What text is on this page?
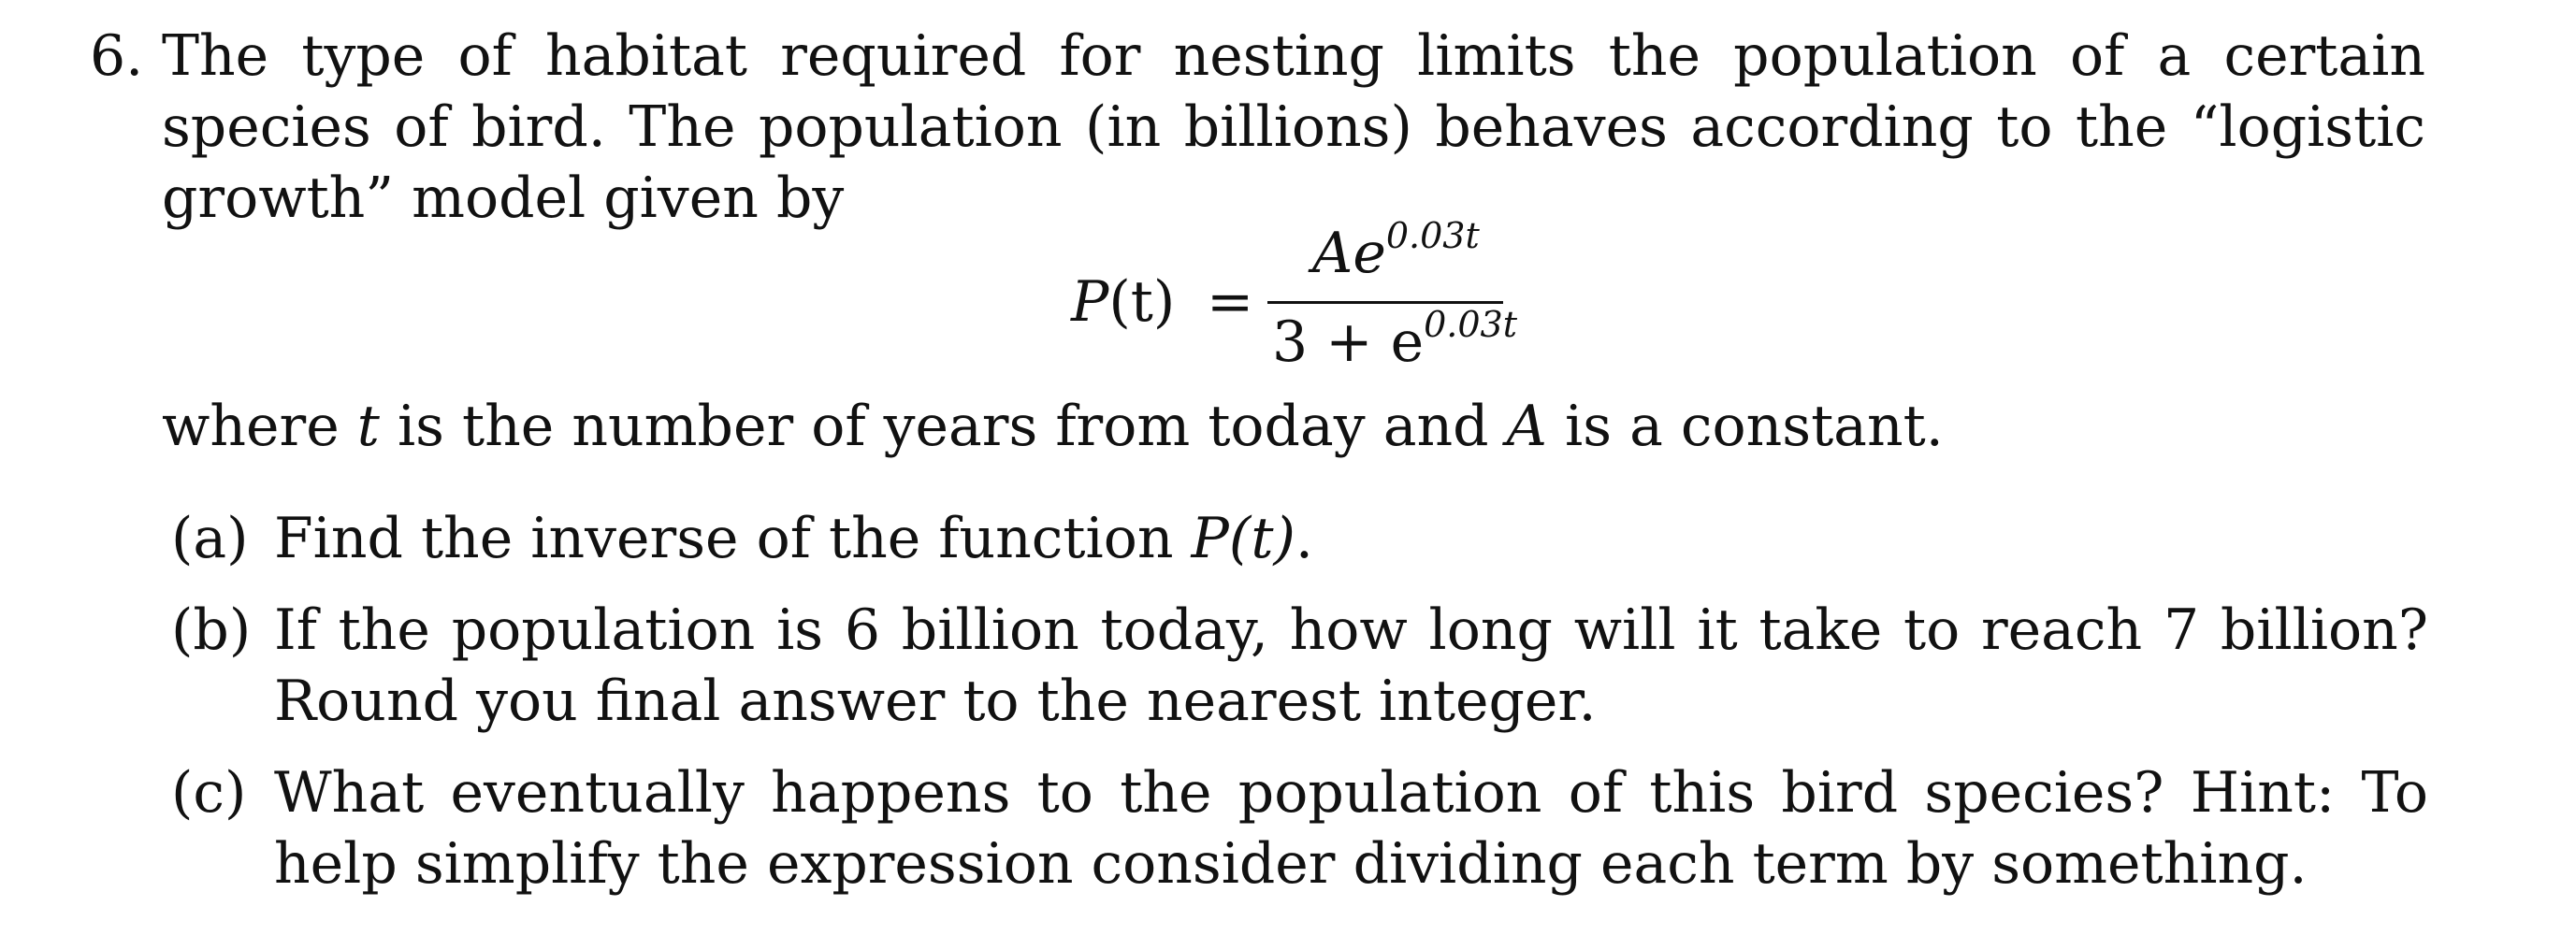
6. The type of habitat required for nesting limits the population of a certain species of bird. The population (in billions) behaves according to the “logistic growth” model given by
P(t) =
$Ae^{0.03t}$
$3 + e^{0.03t}$
where t is the number of years from today and A is a constant.
(a) Find the inverse of the function P(t).
(b) If the population is 6 billion today, how long will it take to reach 7 billion? Round you final answer to the nearest integer.
(c) What eventually happens to the population of this bird species? Hint: To help simplify the expression consider dividing each term by something.
